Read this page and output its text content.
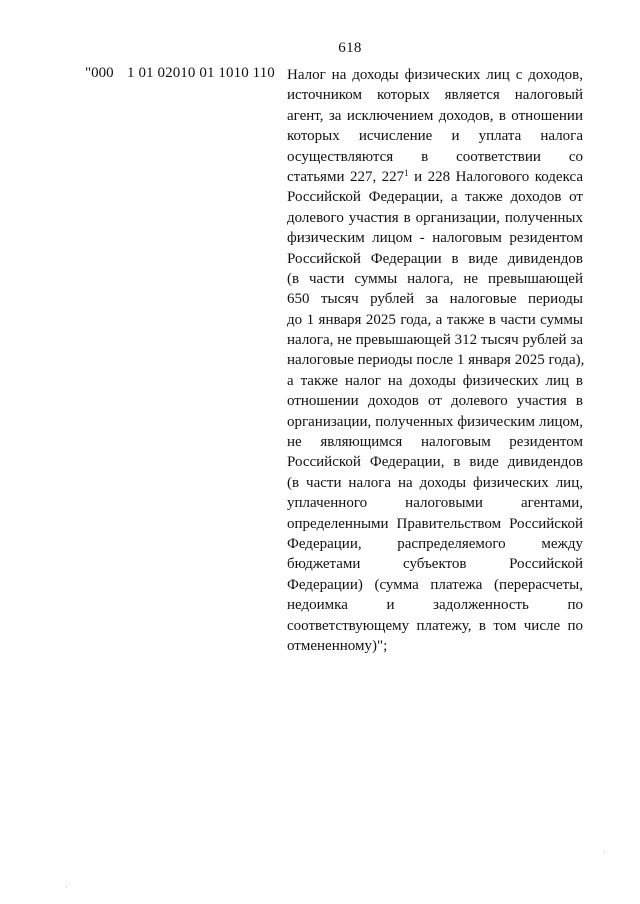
618
"000 1 01 02010 01 1010 110 Налог на доходы физических лиц с доходов,
источником которых является налоговый
агент, за исключением доходов, в отношении
которых исчисление и уплата налога
осуществляются в соответствии со
статьями 227, $227^1$ и 228 Налогового кодекса
Российской Федерации, а также доходов от
долевого участия в организации, полученных
физическим лицом - налоговым резидентом
Российской Федерации в виде дивидендов
(в части суммы налога, не превышающей
650 тысяч рублей за налоговые периоды
до 1 января 2025 года, а также в части суммы
налога, не превышающей 312 тысяч рублей за
налоговые периоды после 1 января 2025 года),
а также налог на доходы физических лиц в
отношении доходов от долевого участия в
организации, полученных физическим лицом,
не являющимся налоговым резидентом
Российской Федерации, в виде дивидендов
(в части налога на доходы физических лиц,
уплаченного налоговыми агентами,
определенными Правительством Российской
Федерации, распределяемого между
бюджетами субъектов Российской
Федерации) (сумма платежа (перерасчеты,
недоимка и задолженность по
соответствующему платежу, в том числе по
отмененному)";
